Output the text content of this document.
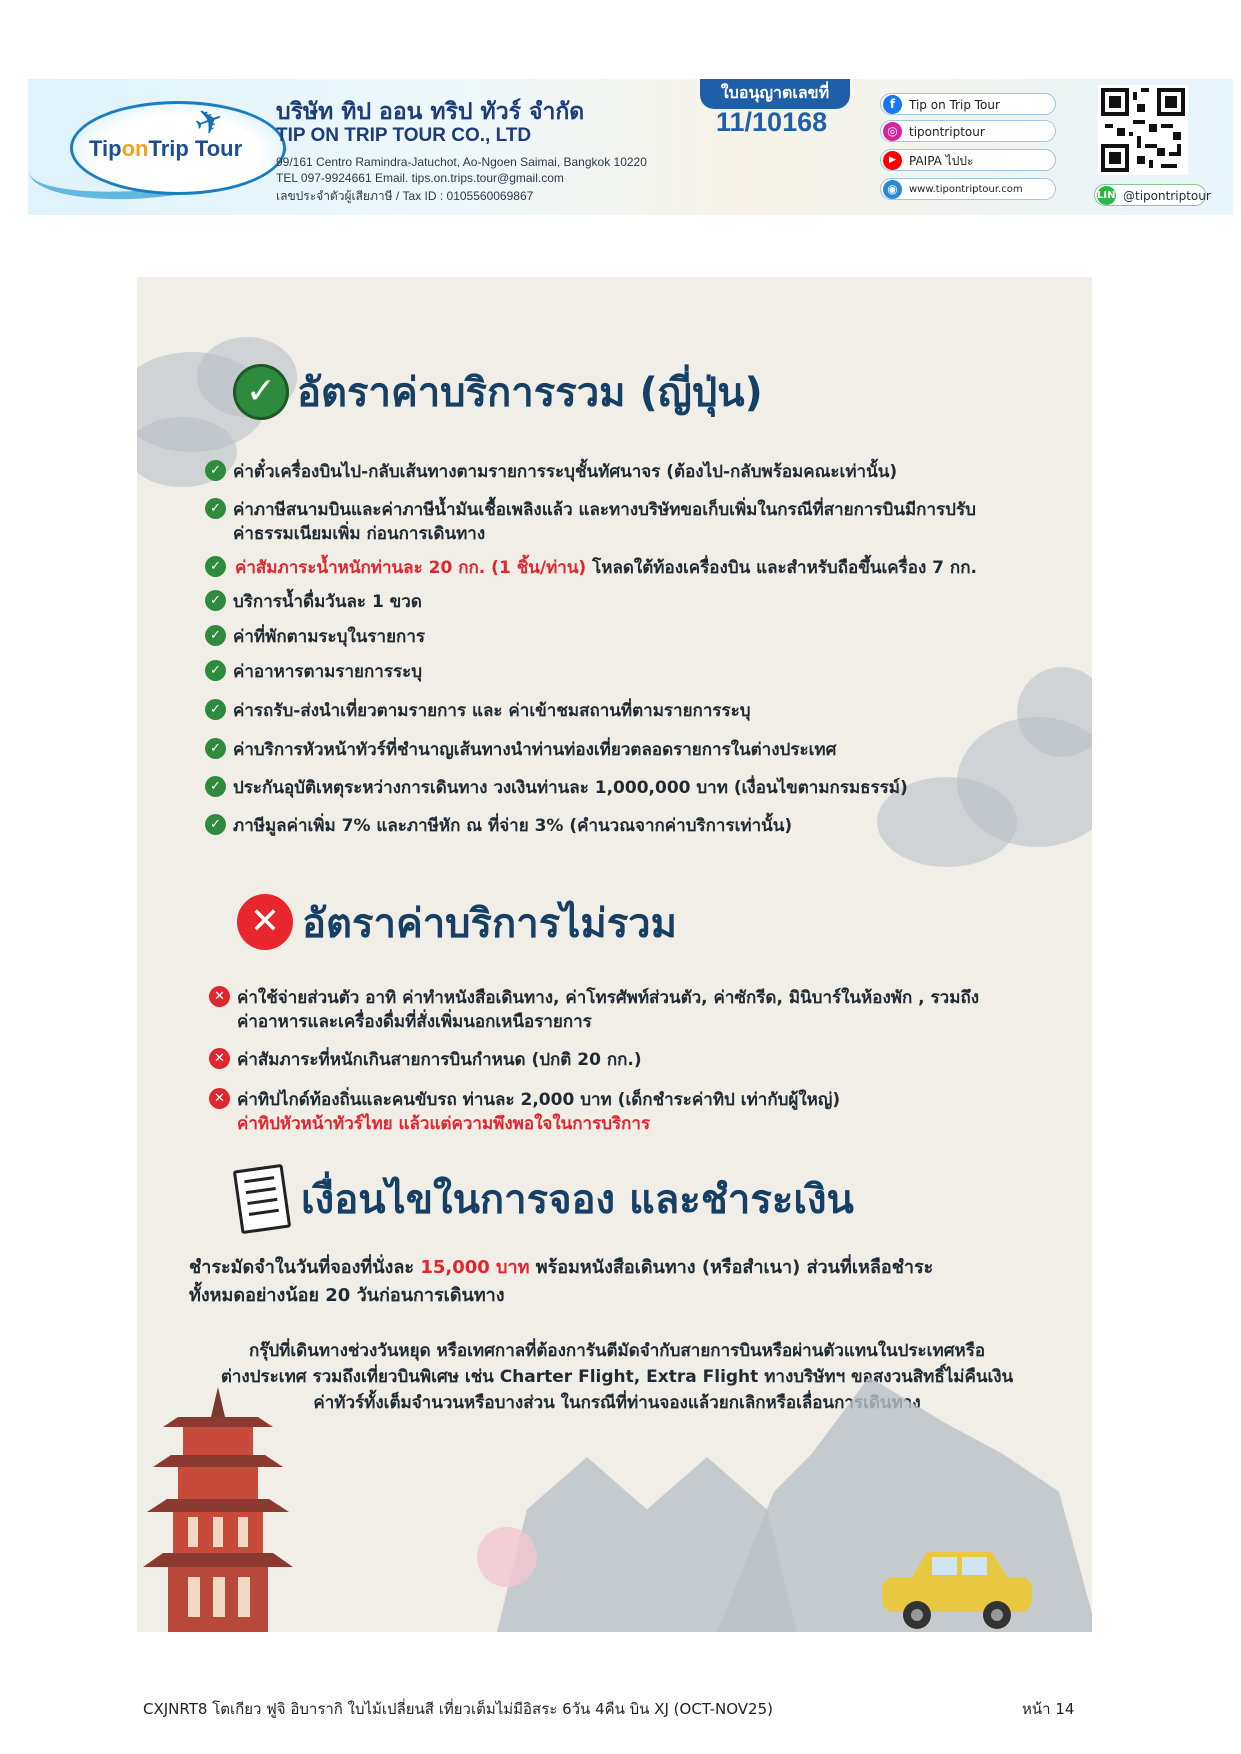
✈
TiponTrip Tour
บริษัท ทิป ออน ทริป ทัวร์ จำกัด
TIP ON TRIP TOUR CO., LTD
99/161 Centro Ramindra-Jatuchot, Ao-Ngoen Saimai, Bangkok 10220
TEL 097-9924661 Email. tips.on.trips.tour@gmail.com
เลขประจำตัวผู้เสียภาษี / Tax ID : 0105560069867
ใบอนุญาตเลขที่
11/10168
f	Tip on Trip Tour
◎ tipontriptour
▶	PAIPA ไปปะ
◉	www.tipontriptour.com
LINE @tipontriptour
✓ อัตราค่าบริการรวม (ญี่ปุ่น)
✓ ค่าตั๋วเครื่องบินไป-กลับเส้นทางตามรายการระบุชั้นทัศนาจร (ต้องไป-กลับพร้อมคณะเท่านั้น)
✓ ค่าภาษีสนามบินและค่าภาษีน้ำมันเชื้อเพลิงแล้ว และทางบริษัทขอเก็บเพิ่มในกรณีที่สายการบินมีการปรับ
ค่าธรรมเนียมเพิ่ม ก่อนการเดินทาง
✓ ค่าสัมภาระน้ำหนักท่านละ 20 กก. (1 ชิ้น/ท่าน) โหลดใต้ท้องเครื่องบิน และสำหรับถือขึ้นเครื่อง 7 กก.
✓ บริการน้ำดื่มวันละ 1 ขวด
✓ ค่าที่พักตามระบุในรายการ
✓ ค่าอาหารตามรายการระบุ
✓ ค่ารถรับ-ส่งนำเที่ยวตามรายการ และ ค่าเข้าชมสถานที่ตามรายการระบุ
✓ ค่าบริการหัวหน้าทัวร์ที่ชำนาญเส้นทางนำท่านท่องเที่ยวตลอดรายการในต่างประเทศ
✓ ประกันอุบัติเหตุระหว่างการเดินทาง วงเงินท่านละ 1,000,000 บาท (เงื่อนไขตามกรมธรรม์)
✓ ภาษีมูลค่าเพิ่ม 7% และภาษีหัก ณ ที่จ่าย 3% (คำนวณจากค่าบริการเท่านั้น)
✕ อัตราค่าบริการไม่รวม
✕ ค่าใช้จ่ายส่วนตัว อาทิ ค่าทำหนังสือเดินทาง, ค่าโทรศัพท์ส่วนตัว, ค่าซักรีด, มินิบาร์ในห้องพัก , รวมถึง
ค่าอาหารและเครื่องดื่มที่สั่งเพิ่มนอกเหนือรายการ
✕ ค่าสัมภาระที่หนักเกินสายการบินกำหนด (ปกติ 20 กก.)
✕ ค่าทิปไกด์ท้องถิ่นและคนขับรถ ท่านละ 2,000 บาท (เด็กชำระค่าทิป เท่ากับผู้ใหญ่)
ค่าทิปหัวหน้าทัวร์ไทย แล้วแต่ความพึงพอใจในการบริการ
เงื่อนไขในการจอง และชำระเงิน
ชำระมัดจำในวันที่จองที่นั่งละ 15,000 บาท พร้อมหนังสือเดินทาง (หรือสำเนา) ส่วนที่เหลือชำระ
ทั้งหมดอย่างน้อย 20 วันก่อนการเดินทาง
กรุ๊ปที่เดินทางช่วงวันหยุด หรือเทศกาลที่ต้องการันตีมัดจำกับสายการบินหรือผ่านตัวแทนในประเทศหรือ
ต่างประเทศ รวมถึงเที่ยวบินพิเศษ เช่น Charter Flight, Extra Flight ทางบริษัทฯ ขอสงวนสิทธิ์ไม่คืนเงิน
ค่าทัวร์ทั้งเต็มจำนวนหรือบางส่วน ในกรณีที่ท่านจองแล้วยกเลิกหรือเลื่อนการเดินทาง
CXJNRT8 โตเกียว ฟูจิ อิบารากิ ใบไม้เปลี่ยนสี เที่ยวเต็มไม่มีอิสระ 6วัน 4คืน บิน XJ (OCT-NOV25)	หน้า 14
